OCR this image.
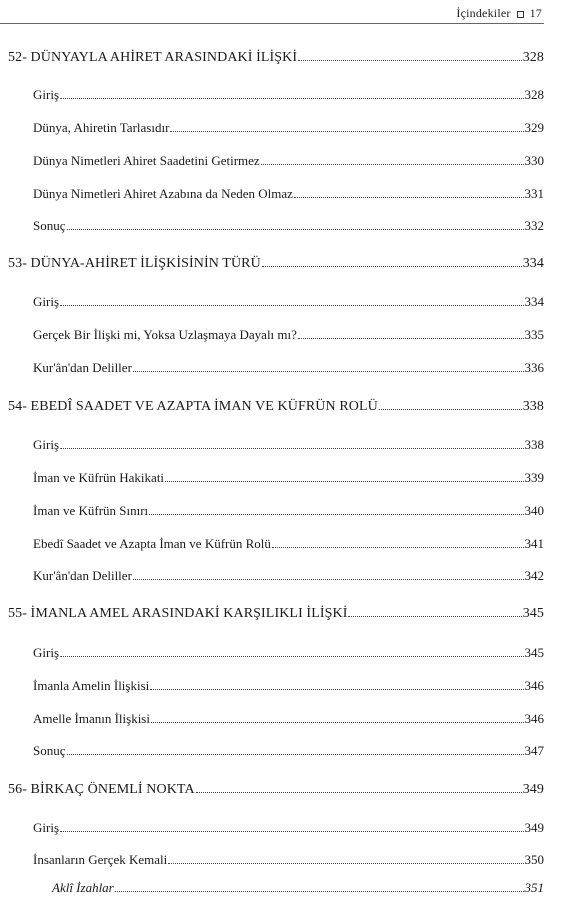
İçindekiler 17
52- DÜNYAYLA AHİRET ARASINDAKİ İLİŞKİ	328
Giriş	328
Dünya, Ahiretin Tarlasıdır	329
Dünya Nimetleri Ahiret Saadetini Getirmez	330
Dünya Nimetleri Ahiret Azabına da Neden Olmaz	331
Sonuç	332
53- DÜNYA-AHİRET İLİŞKİSİNİN TÜRÜ	334
Giriş	334
Gerçek Bir İlişki mi, Yoksa Uzlaşmaya Dayalı mı?	335
Kur'ân'dan Deliller	336
54- EBEDÎ SAADET VE AZAPTA İMAN VE KÜFRÜN ROLÜ	338
Giriş	338
İman ve Küfrün Hakikati	339
İman ve Küfrün Sınırı	340
Ebedî Saadet ve Azapta İman ve Küfrün Rolü	341
Kur'ân'dan Deliller	342
55- İMANLA AMEL ARASINDAKİ KARŞILIKLI İLİŞKİ	345
Giriş	345
İmanla Amelin İlişkisi	346
Amelle İmanın İlişkisi	346
Sonuç	347
56- BİRKAÇ ÖNEMLİ NOKTA	349
Giriş	349
İnsanların Gerçek Kemali	350
Aklî İzahlar	351
